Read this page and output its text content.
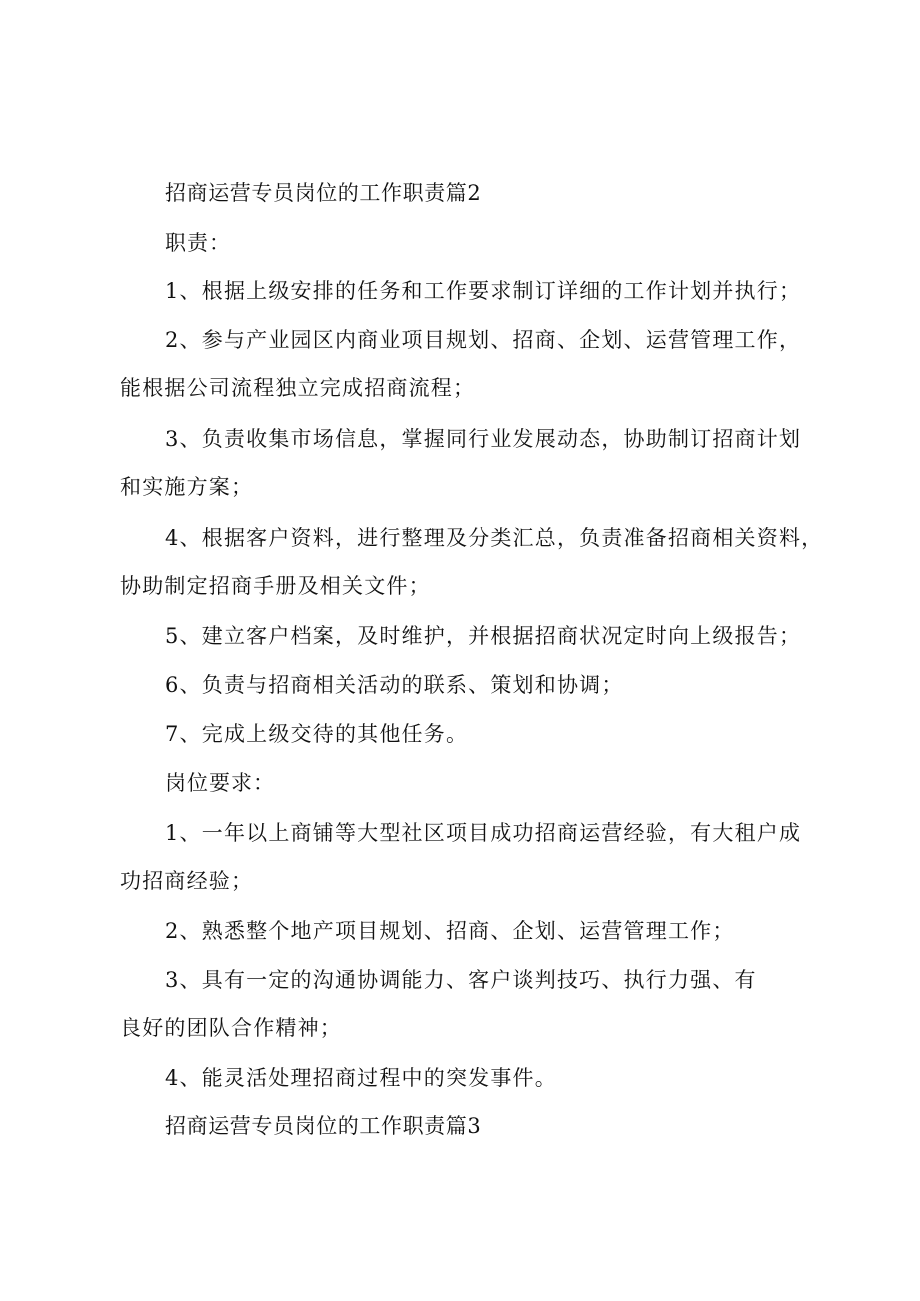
招商运营专员岗位的工作职责篇2
职责：
1、根据上级安排的任务和工作要求制订详细的工作计划并执行；
2、参与产业园区内商业项目规划、招商、企划、运营管理工作，
能根据公司流程独立完成招商流程；
3、负责收集市场信息，掌握同行业发展动态，协助制订招商计划
和实施方案；
4、根据客户资料，进行整理及分类汇总，负责准备招商相关资料，
协助制定招商手册及相关文件；
5、建立客户档案，及时维护，并根据招商状况定时向上级报告；
6、负责与招商相关活动的联系、策划和协调；
7、完成上级交待的其他任务。
岗位要求：
1、一年以上商铺等大型社区项目成功招商运营经验，有大租户成
功招商经验；
2、熟悉整个地产项目规划、招商、企划、运营管理工作；
3、具有一定的沟通协调能力、客户谈判技巧、执行力强、有
良好的团队合作精神；
4、能灵活处理招商过程中的突发事件。
招商运营专员岗位的工作职责篇3
